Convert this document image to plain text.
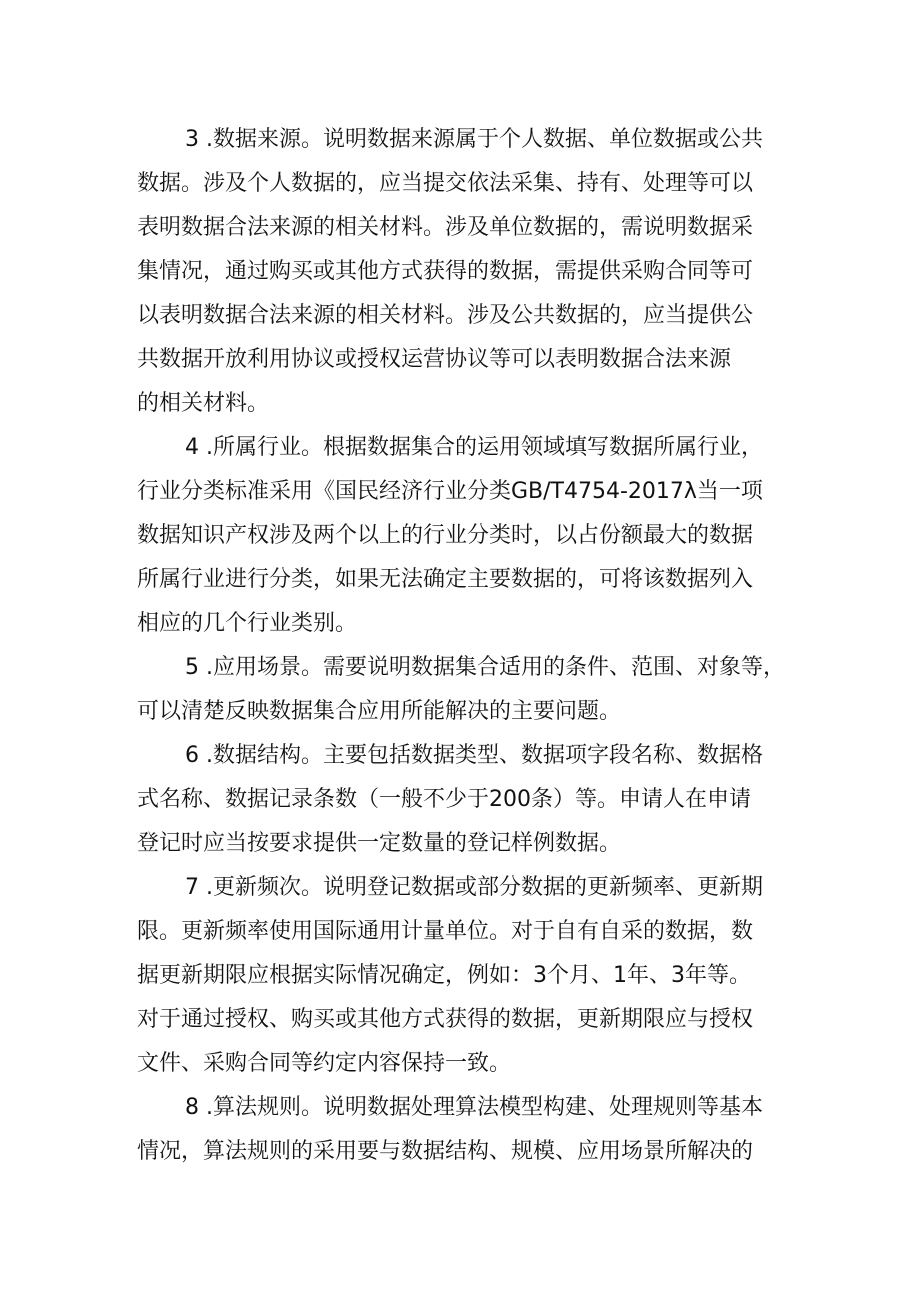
3 .数据来源。说明数据来源属于个人数据、单位数据或公共
数据。涉及个人数据的，应当提交依法采集、持有、处理等可以
表明数据合法来源的相关材料。涉及单位数据的，需说明数据采
集情况，通过购买或其他方式获得的数据，需提供采购合同等可
以表明数据合法来源的相关材料。涉及公共数据的，应当提供公
共数据开放利用协议或授权运营协议等可以表明数据合法来源
的相关材料。
4 .所属行业。根据数据集合的运用领域填写数据所属行业，
行业分类标准采用《国民经济行业分类GB/T4754-2017λ当一项
数据知识产权涉及两个以上的行业分类时，以占份额最大的数据
所属行业进行分类，如果无法确定主要数据的，可将该数据列入
相应的几个行业类别。
5 .应用场景。需要说明数据集合适用的条件、范围、对象等，
可以清楚反映数据集合应用所能解决的主要问题。
6 .数据结构。主要包括数据类型、数据项字段名称、数据格
式名称、数据记录条数（一般不少于200条）等。申请人在申请
登记时应当按要求提供一定数量的登记样例数据。
7 .更新频次。说明登记数据或部分数据的更新频率、更新期
限。更新频率使用国际通用计量单位。对于自有自采的数据，数
据更新期限应根据实际情况确定，例如：3个月、1年、3年等。
对于通过授权、购买或其他方式获得的数据，更新期限应与授权
文件、采购合同等约定内容保持一致。
8 .算法规则。说明数据处理算法模型构建、处理规则等基本
情况，算法规则的采用要与数据结构、规模、应用场景所解决的
